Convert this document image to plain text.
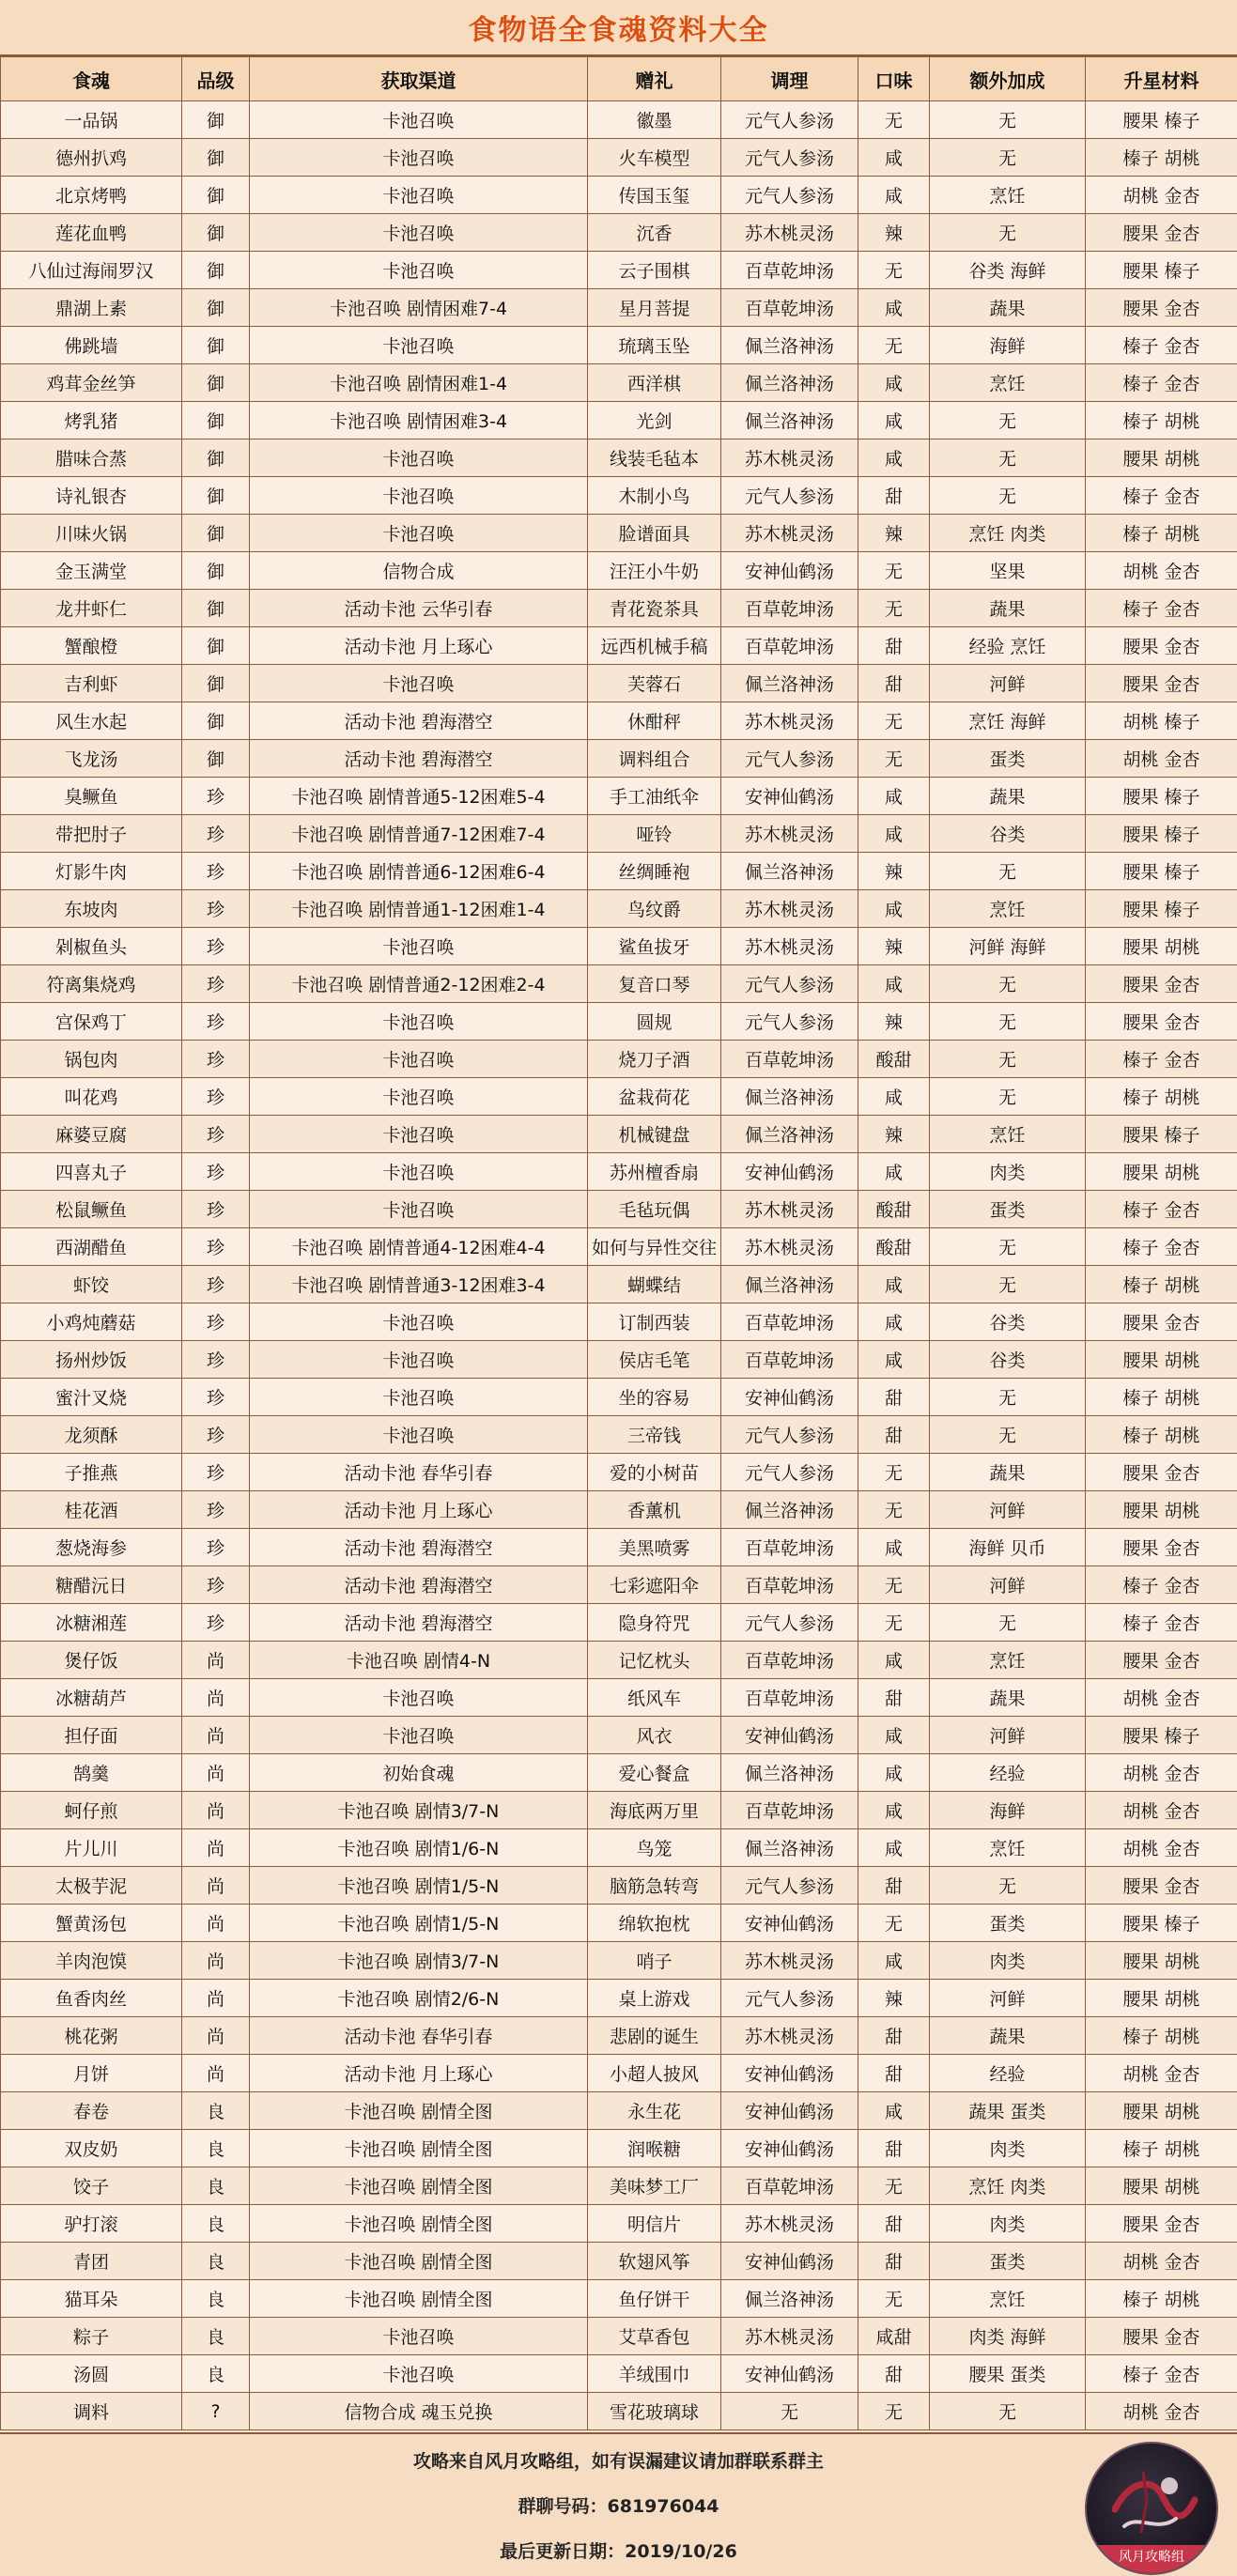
食物语全食魂资料大全
食魂	品级	获取渠道	赠礼	调理	口味	额外加成	升星材料
一品锅	御	卡池召唤	徽墨	元气人参汤	无	无	腰果 榛子
德州扒鸡	御	卡池召唤	火车模型	元气人参汤	咸	无	榛子 胡桃
北京烤鸭	御	卡池召唤	传国玉玺	元气人参汤	咸	烹饪	胡桃 金杏
莲花血鸭	御	卡池召唤	沉香	苏木桃灵汤	辣	无	腰果 金杏
八仙过海闹罗汉	御	卡池召唤	云子围棋	百草乾坤汤	无	谷类 海鲜	腰果 榛子
鼎湖上素	御	卡池召唤 剧情困难7-4	星月菩提	百草乾坤汤	咸	蔬果	腰果 金杏
佛跳墙	御	卡池召唤	琉璃玉坠	佩兰洛神汤	无	海鲜	榛子 金杏
鸡茸金丝笋	御	卡池召唤 剧情困难1-4	西洋棋	佩兰洛神汤	咸	烹饪	榛子 金杏
烤乳猪	御	卡池召唤 剧情困难3-4	光剑	佩兰洛神汤	咸	无	榛子 胡桃
腊味合蒸	御	卡池召唤	线装毛毡本	苏木桃灵汤	咸	无	腰果 胡桃
诗礼银杏	御	卡池召唤	木制小鸟	元气人参汤	甜	无	榛子 金杏
川味火锅	御	卡池召唤	脸谱面具	苏木桃灵汤	辣	烹饪 肉类	榛子 胡桃
金玉满堂	御	信物合成	汪汪小牛奶	安神仙鹤汤	无	坚果	胡桃 金杏
龙井虾仁	御	活动卡池 云华引春	青花瓷茶具	百草乾坤汤	无	蔬果	榛子 金杏
蟹酿橙	御	活动卡池 月上琢心	远西机械手稿	百草乾坤汤	甜	经验 烹饪	腰果 金杏
吉利虾	御	卡池召唤	芙蓉石	佩兰洛神汤	甜	河鲜	腰果 金杏
风生水起	御	活动卡池 碧海潜空	休酣秤	苏木桃灵汤	无	烹饪 海鲜	胡桃 榛子
飞龙汤	御	活动卡池 碧海潜空	调料组合	元气人参汤	无	蛋类	胡桃 金杏
臭鳜鱼	珍	卡池召唤 剧情普通5-12困难5-4	手工油纸伞	安神仙鹤汤	咸	蔬果	腰果 榛子
带把肘子	珍	卡池召唤 剧情普通7-12困难7-4	哑铃	苏木桃灵汤	咸	谷类	腰果 榛子
灯影牛肉	珍	卡池召唤 剧情普通6-12困难6-4	丝绸睡袍	佩兰洛神汤	辣	无	腰果 榛子
东坡肉	珍	卡池召唤 剧情普通1-12困难1-4	鸟纹爵	苏木桃灵汤	咸	烹饪	腰果 榛子
剁椒鱼头	珍	卡池召唤	鲨鱼拔牙	苏木桃灵汤	辣	河鲜 海鲜	腰果 胡桃
符离集烧鸡	珍	卡池召唤 剧情普通2-12困难2-4	复音口琴	元气人参汤	咸	无	腰果 金杏
宫保鸡丁	珍	卡池召唤	圆规	元气人参汤	辣	无	腰果 金杏
锅包肉	珍	卡池召唤	烧刀子酒	百草乾坤汤	酸甜	无	榛子 金杏
叫花鸡	珍	卡池召唤	盆栽荷花	佩兰洛神汤	咸	无	榛子 胡桃
麻婆豆腐	珍	卡池召唤	机械键盘	佩兰洛神汤	辣	烹饪	腰果 榛子
四喜丸子	珍	卡池召唤	苏州檀香扇	安神仙鹤汤	咸	肉类	腰果 胡桃
松鼠鳜鱼	珍	卡池召唤	毛毡玩偶	苏木桃灵汤	酸甜	蛋类	榛子 金杏
西湖醋鱼	珍	卡池召唤 剧情普通4-12困难4-4	如何与异性交往	苏木桃灵汤	酸甜	无	榛子 金杏
虾饺	珍	卡池召唤 剧情普通3-12困难3-4	蝴蝶结	佩兰洛神汤	咸	无	榛子 胡桃
小鸡炖蘑菇	珍	卡池召唤	订制西装	百草乾坤汤	咸	谷类	腰果 金杏
扬州炒饭	珍	卡池召唤	侯店毛笔	百草乾坤汤	咸	谷类	腰果 胡桃
蜜汁叉烧	珍	卡池召唤	坐的容易	安神仙鹤汤	甜	无	榛子 胡桃
龙须酥	珍	卡池召唤	三帝钱	元气人参汤	甜	无	榛子 胡桃
子推燕	珍	活动卡池 春华引春	爱的小树苗	元气人参汤	无	蔬果	腰果 金杏
桂花酒	珍	活动卡池 月上琢心	香薰机	佩兰洛神汤	无	河鲜	腰果 胡桃
葱烧海参	珍	活动卡池 碧海潜空	美黑喷雾	百草乾坤汤	咸	海鲜 贝币	腰果 金杏
糖醋沅日	珍	活动卡池 碧海潜空	七彩遮阳伞	百草乾坤汤	无	河鲜	榛子 金杏
冰糖湘莲	珍	活动卡池 碧海潜空	隐身符咒	元气人参汤	无	无	榛子 金杏
煲仔饭	尚	卡池召唤 剧情4-N	记忆枕头	百草乾坤汤	咸	烹饪	腰果 金杏
冰糖葫芦	尚	卡池召唤	纸风车	百草乾坤汤	甜	蔬果	胡桃 金杏
担仔面	尚	卡池召唤	风衣	安神仙鹤汤	咸	河鲜	腰果 榛子
鹄羹	尚	初始食魂	爱心餐盒	佩兰洛神汤	咸	经验	胡桃 金杏
蚵仔煎	尚	卡池召唤 剧情3/7-N	海底两万里	百草乾坤汤	咸	海鲜	胡桃 金杏
片儿川	尚	卡池召唤 剧情1/6-N	鸟笼	佩兰洛神汤	咸	烹饪	胡桃 金杏
太极芋泥	尚	卡池召唤 剧情1/5-N	脑筋急转弯	元气人参汤	甜	无	腰果 金杏
蟹黄汤包	尚	卡池召唤 剧情1/5-N	绵软抱枕	安神仙鹤汤	无	蛋类	腰果 榛子
羊肉泡馍	尚	卡池召唤 剧情3/7-N	哨子	苏木桃灵汤	咸	肉类	腰果 胡桃
鱼香肉丝	尚	卡池召唤 剧情2/6-N	桌上游戏	元气人参汤	辣	河鲜	腰果 胡桃
桃花粥	尚	活动卡池 春华引春	悲剧的诞生	苏木桃灵汤	甜	蔬果	榛子 胡桃
月饼	尚	活动卡池 月上琢心	小超人披风	安神仙鹤汤	甜	经验	胡桃 金杏
春卷	良	卡池召唤 剧情全图	永生花	安神仙鹤汤	咸	蔬果 蛋类	腰果 胡桃
双皮奶	良	卡池召唤 剧情全图	润喉糖	安神仙鹤汤	甜	肉类	榛子 胡桃
饺子	良	卡池召唤 剧情全图	美味梦工厂	百草乾坤汤	无	烹饪 肉类	腰果 胡桃
驴打滚	良	卡池召唤 剧情全图	明信片	苏木桃灵汤	甜	肉类	腰果 金杏
青团	良	卡池召唤 剧情全图	软翅风筝	安神仙鹤汤	甜	蛋类	胡桃 金杏
猫耳朵	良	卡池召唤 剧情全图	鱼仔饼干	佩兰洛神汤	无	烹饪	榛子 胡桃
粽子	良	卡池召唤	艾草香包	苏木桃灵汤	咸甜	肉类 海鲜	腰果 金杏
汤圆	良	卡池召唤	羊绒围巾	安神仙鹤汤	甜	腰果 蛋类	榛子 金杏
调料	?	信物合成 魂玉兑换	雪花玻璃球	无	无	无	胡桃 金杏
攻略来自风月攻略组，如有误漏建议请加群联系群主
群聊号码：681976044
最后更新日期：2019/10/26	风月攻略组
